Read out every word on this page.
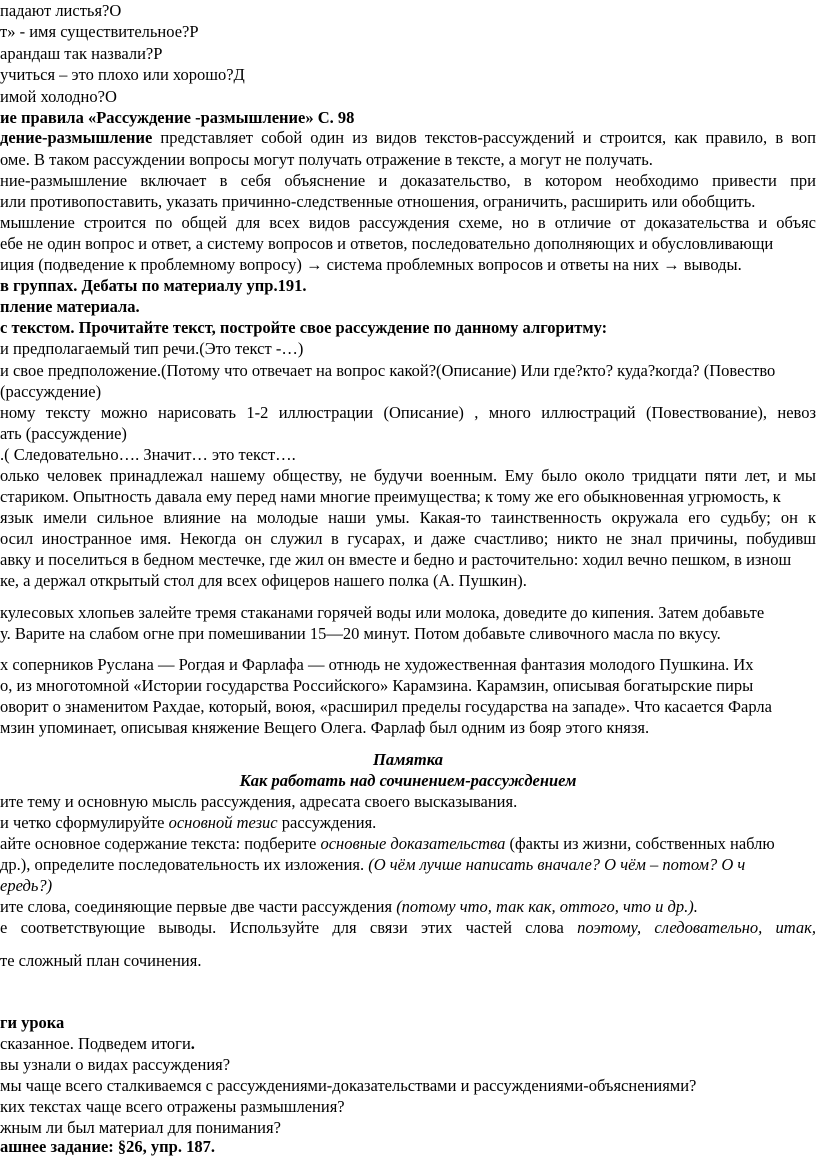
падают листья?О
т» - имя существительное?Р
арандаш так назвали?Р
учиться – это плохо или хорошо?Д
имой холодно?О
ие правила «Рассуждение -размышление» С. 98
дение-размышление представляет собой один из видов текстов-рассуждений и строится, как правило, в воп
оме. В таком рассуждении вопросы могут получать отражение в тексте, а могут не получать.
ние-размышление включает в себя объяснение и доказательство, в котором необходимо привести при
или противопоставить, указать причинно-следственные отношения, ограничить, расширить или обобщить.
мышление строится по общей для всех видов рассуждения схеме, но в отличие от доказательства и объяс
ебе не один вопрос и ответ, а систему вопросов и ответов, последовательно дополняющих и обусловливающи
иция (подведение к проблемному вопросу) → система проблемных вопросов и ответы на них → выводы.
в группах. Дебаты по материалу упр.191.
пление материала.
с текстом. Прочитайте текст, постройте свое рассуждение по данному алгоритму:
и предполагаемый тип речи.(Это текст -…)
и свое предположение.(Потому что отвечает на вопрос какой?(Описание) Или где?кто? куда?когда? (Повество
(рассуждение)
ному тексту можно нарисовать 1-2 иллюстрации (Описание) , много иллюстраций (Повествование), невоз
ать (рассуждение)
.( Следовательно…. Значит… это текст….
олько человек принадлежал нашему обществу, не будучи военным. Ему было около тридцати пяти лет, и мы
стариком. Опытность давала ему перед нами многие преимущества; к тому же его обыкновенная угрюмость, к
язык имели сильное влияние на молодые наши умы. Какая-то таинственность окружала его судьбу; он к
осил иностранное имя. Некогда он служил в гусарах, и даже счастливо; никто не знал причины, побудивш
авку и поселиться в бедном местечке, где жил он вместе и бедно и расточительно: ходил вечно пешком, в изнош
ке, а держал открытый стол для всех офицеров нашего полка (А. Пушкин).
кулесовых хлопьев залейте тремя стаканами горячей воды или молока, доведите до кипения. Затем добавьте
у. Варите на слабом огне при помешивании 15—20 минут. Потом добавьте сливочного масла по вкусу.
х соперников Руслана — Рогдая и Фарлафа — отнюдь не художественная фантазия молодого Пушкина. Их
о, из многотомной «Истории государства Российского» Карамзина. Карамзин, описывая богатырские пиры
оворит о знаменитом Рахдае, который, воюя, «расширил пределы государства на западе». Что касается Фарла
мзин упоминает, описывая княжение Вещего Олега. Фарлаф был одним из бояр этого князя.
Памятка
Как работать над сочинением-рассуждением
ите тему и основную мысль рассуждения, адресата своего высказывания.
и четко сформулируйте основной тезис рассуждения.
айте основное содержание текста: подберите основные доказательства (факты из жизни, собственных наблю
др.), определите последовательность их изложения. (О чём лучше написать вначале? О чём – потом? О ч
ередь?)
ите слова, соединяющие первые две части рассуждения (потому что, так как, оттого, что и др.).
е соответствующие выводы. Используйте для связи этих частей слова поэтому, следовательно, итак,
те сложный план сочинения.
ги урока
сказанное. Подведем итоги.
вы узнали о видах рассуждения?
мы чаще всего сталкиваемся с рассуждениями-доказательствами и рассуждениями-объяснениями?
ких текстах чаще всего отражены размышления?
жным ли был материал для понимания?
ашнее задание: §26, упр. 187.
